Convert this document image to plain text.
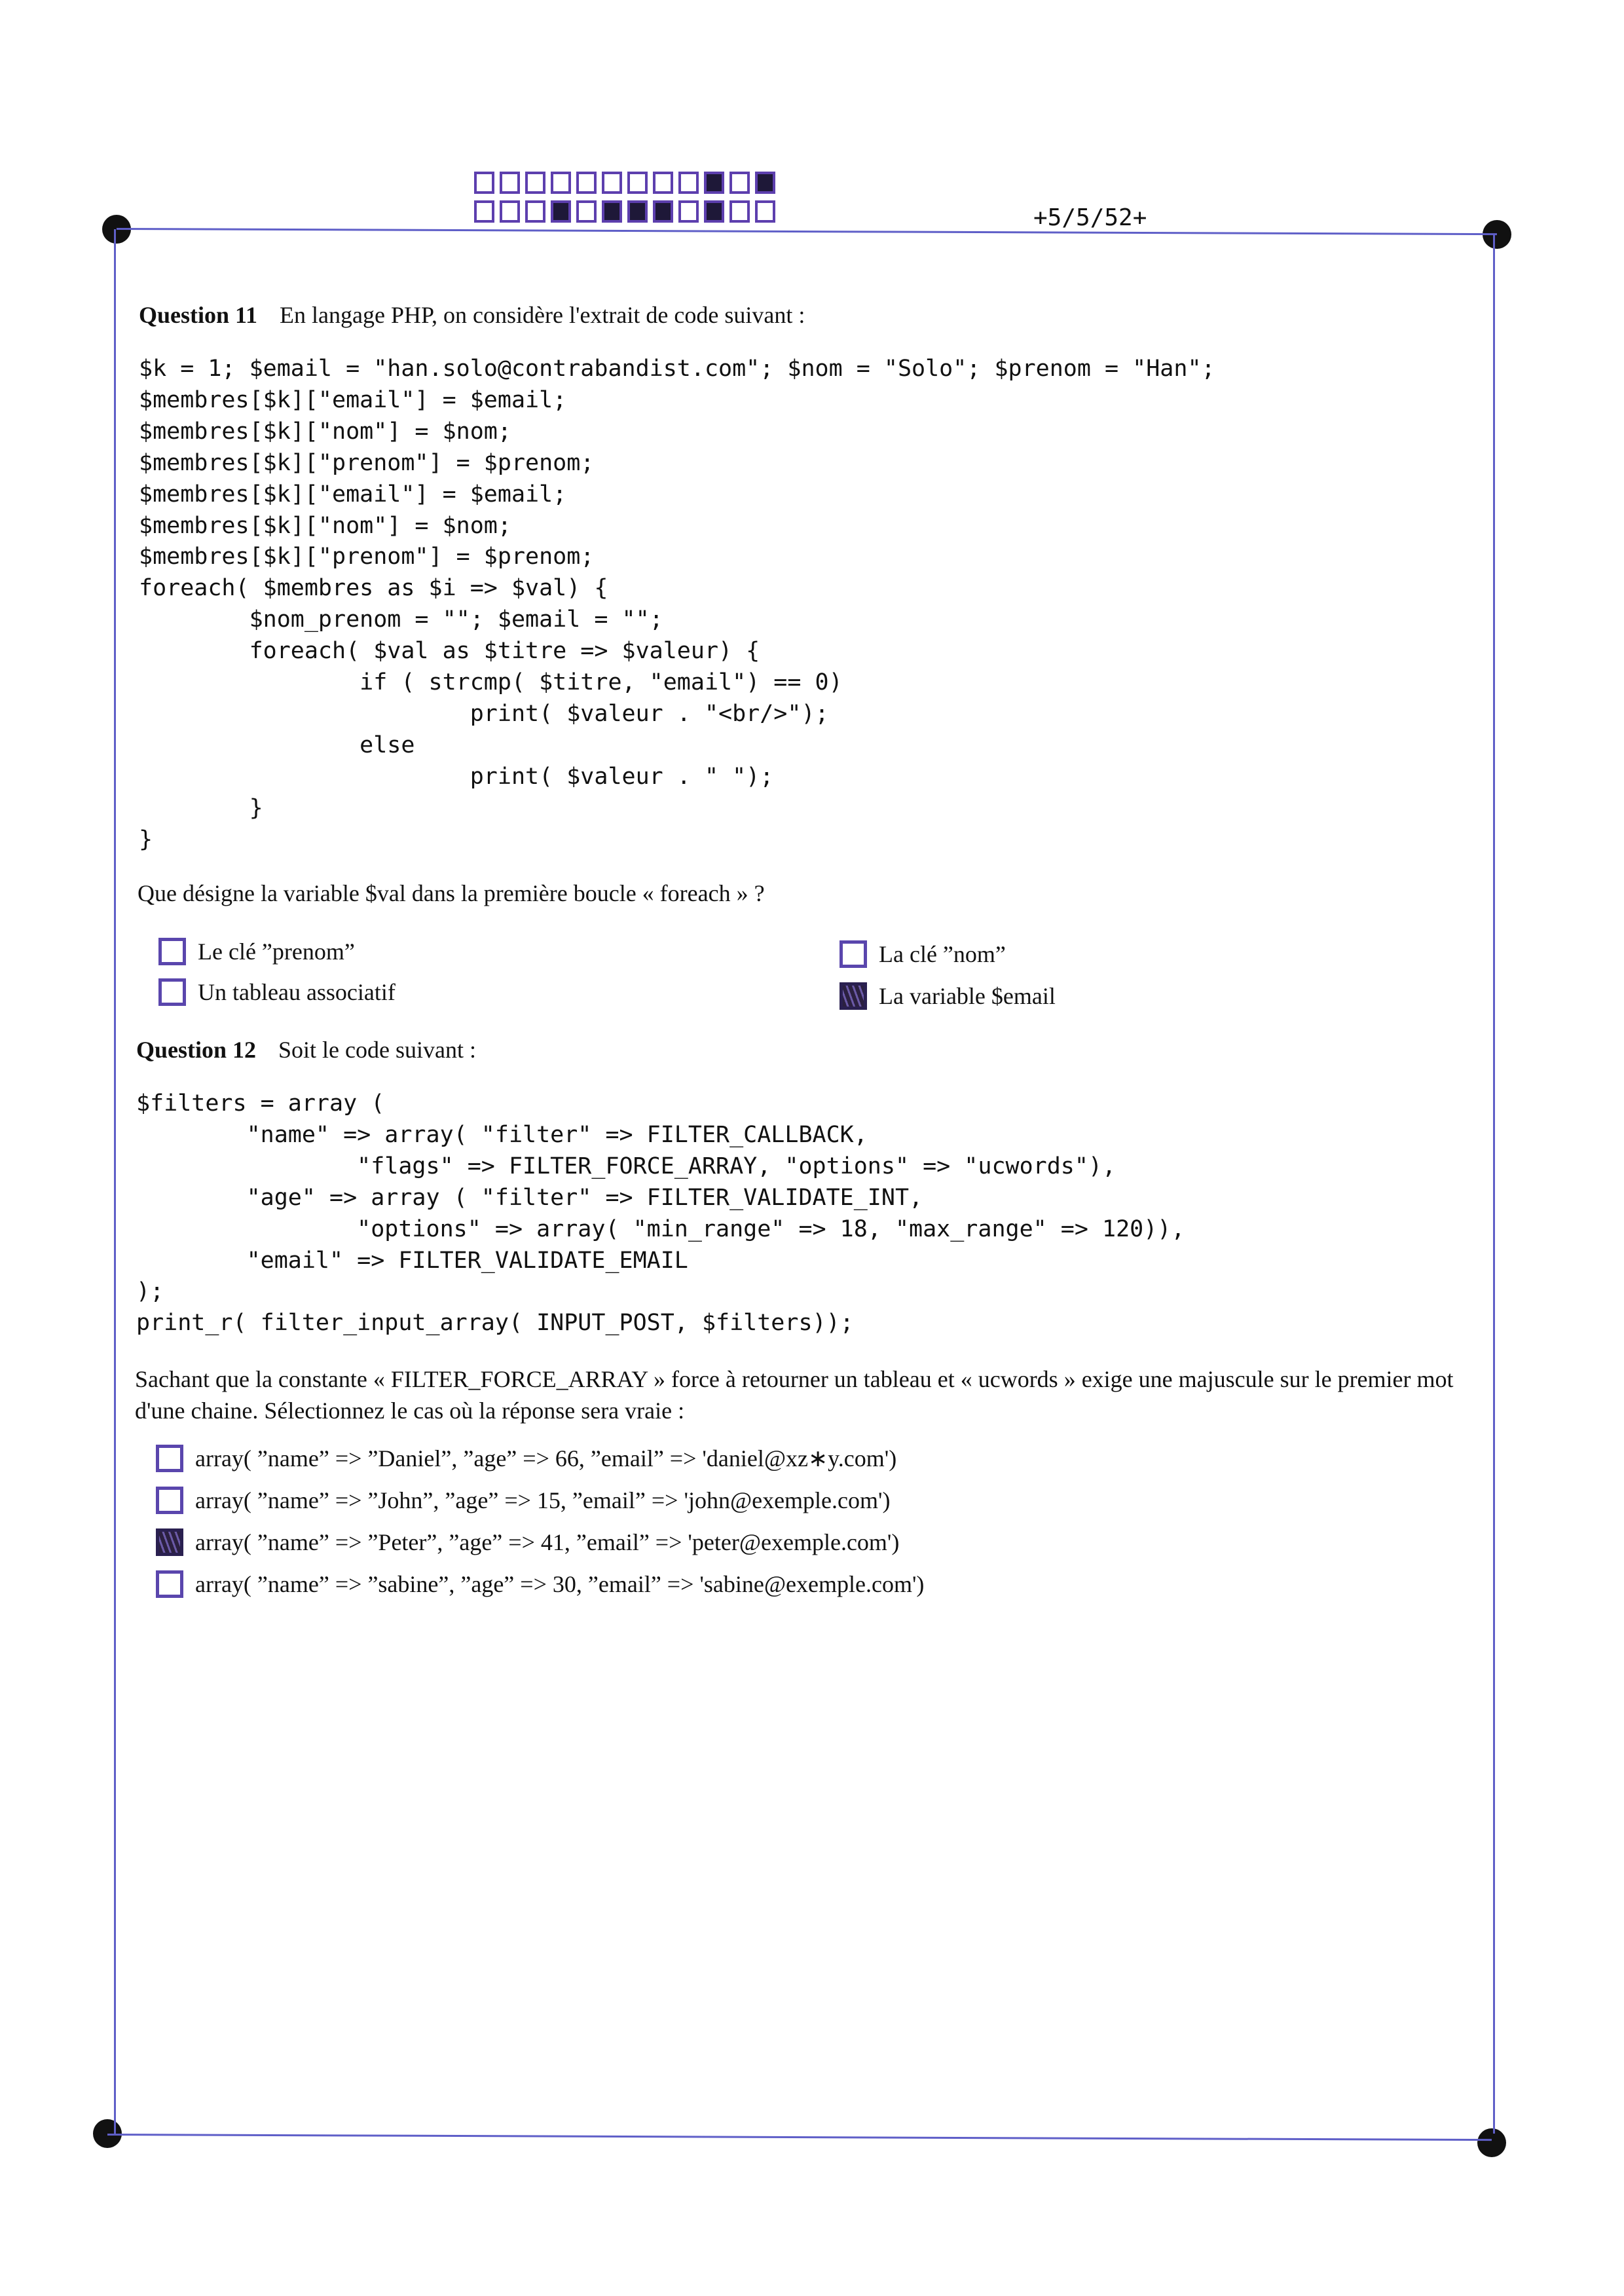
+5/5/52+
Question 11 En langage PHP, on considère l'extrait de code suivant :
$k = 1; $email = "han.solo@contrabandist.com"; $nom = "Solo"; $prenom = "Han";
$membres[$k]["email"] = $email;
$membres[$k]["nom"] = $nom;
$membres[$k]["prenom"] = $prenom;
$membres[$k]["email"] = $email;
$membres[$k]["nom"] = $nom;
$membres[$k]["prenom"] = $prenom;
foreach( $membres as $i => $val) {
$nom_prenom = ""; $email = "";
foreach( $val as $titre => $valeur) {
if ( strcmp( $titre, "email") == 0)
print( $valeur . "<br/>");
else
print( $valeur . " ");
}
}
Que désigne la variable $val dans la première boucle « foreach » ?
Le clé ”prenom”	La clé ”nom”
Un tableau associatif	La variable $email
Question 12 Soit le code suivant :
$filters = array (
"name" => array( "filter" => FILTER_CALLBACK,
"flags" => FILTER_FORCE_ARRAY, "options" => "ucwords"),
"age" => array ( "filter" => FILTER_VALIDATE_INT,
"options" => array( "min_range" => 18, "max_range" => 120)),
"email" => FILTER_VALIDATE_EMAIL
);
print_r( filter_input_array( INPUT_POST, $filters));
Sachant que la constante « FILTER_FORCE_ARRAY » force à retourner un tableau et « ucwords » exige une majuscule sur le premier mot d'une chaine. Sélectionnez le cas où la réponse sera vraie :
array( ”name” => ”Daniel”, ”age” => 66, ”email” => 'daniel@xz∗y.com')
array( ”name” => ”John”, ”age” => 15, ”email” => 'john@exemple.com')
array( ”name” => ”Peter”, ”age” => 41, ”email” => 'peter@exemple.com')
array( ”name” => ”sabine”, ”age” => 30, ”email” => 'sabine@exemple.com')
